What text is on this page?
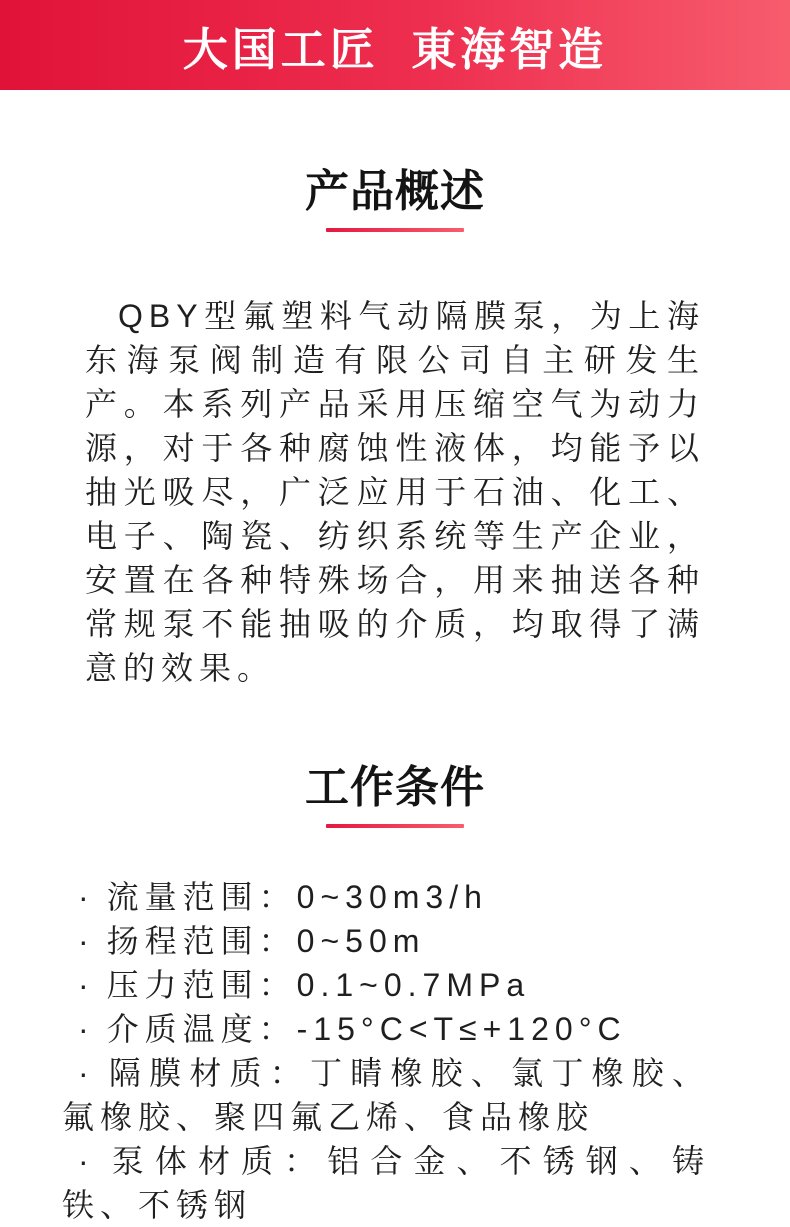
大国工匠 東海智造
产品概述

QBY型氟塑料气动隔膜泵，为上海东海泵阀制造有限公司自主研发生产。本系列产品采用压缩空气为动力源，对于各种腐蚀性液体，均能予以抽光吸尽，广泛应用于石油、化工、电子、陶瓷、纺织系统等生产企业，安置在各种特殊场合，用来抽送各种常规泵不能抽吸的介质，均取得了满意的效果。

工作条件
· 流量范围：0~30m3/h
· 扬程范围：0~50m
· 压力范围：0.1~0.7MPa
· 介质温度：-15°C<T≤+120°C
· 隔膜材质：丁睛橡胶、氯丁橡胶、氟橡胶、聚四氟乙烯、食品橡胶
· 泵体材质：铝合金、不锈钢、铸铁、不锈钢
